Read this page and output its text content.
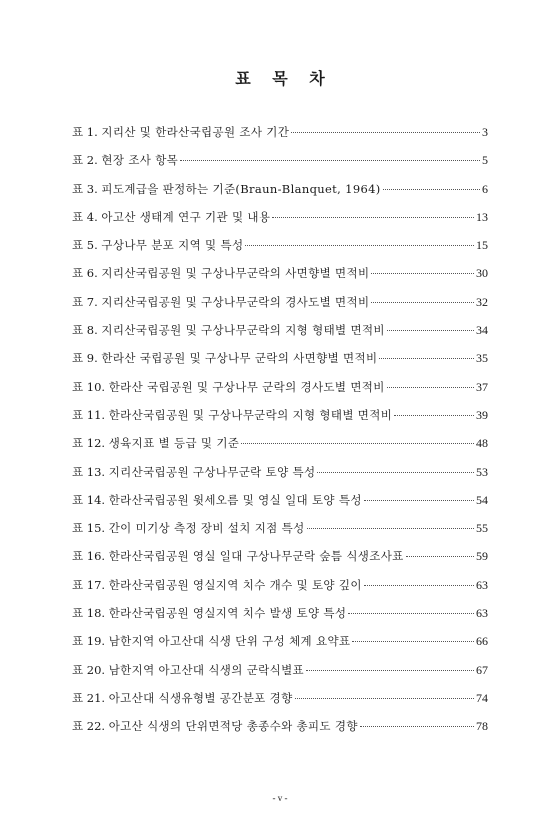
표 목 차
표 1.
지리산 및 한라산국립공원 조사 기간	3
표 2.
현장 조사 항목	5
표 3.
피도계급을 판정하는 기준(Braun-Blanquet, 1964)	6
표 4.
아고산 생태계 연구 기관 및 내용	13
표 5.
구상나무 분포 지역 및 특성	15
표 6.
지리산국립공원 및 구상나무군락의 사면향별 면적비	30
표 7.
지리산국립공원 및 구상나무군락의 경사도별 면적비	32
표 8.
지리산국립공원 및 구상나무군락의 지형 형태별 면적비	34
표 9.
한라산 국립공원 및 구상나무 군락의 사면향별 면적비	35
표 10.
한라산 국립공원 및 구상나무 군락의 경사도별 면적비	37
표 11.
한라산국립공원 및 구상나무군락의 지형 형태별 면적비	39
표 12.
생육지표 별 등급 및 기준	48
표 13.
지리산국립공원 구상나무군락 토양 특성	53
표 14.
한라산국립공원 윗세오름 및 영실 일대 토양 특성	54
표 15.
간이 미기상 측정 장비 설치 지점 특성	55
표 16.
한라산국립공원 영실 일대 구상나무군락 숲틈 식생조사표	59
표 17.
한라산국립공원 영실지역 치수 개수 및 토양 깊이	63
표 18.
한라산국립공원 영실지역 치수 발생 토양 특성	63
표 19.
남한지역 아고산대 식생 단위 구성 체계 요약표	66
표 20.
남한지역 아고산대 식생의 군락식별표	67
표 21.
아고산대 식생유형별 공간분포 경향	74
표 22.
아고산 식생의 단위면적당 총종수와 총피도 경향	78
- v -
